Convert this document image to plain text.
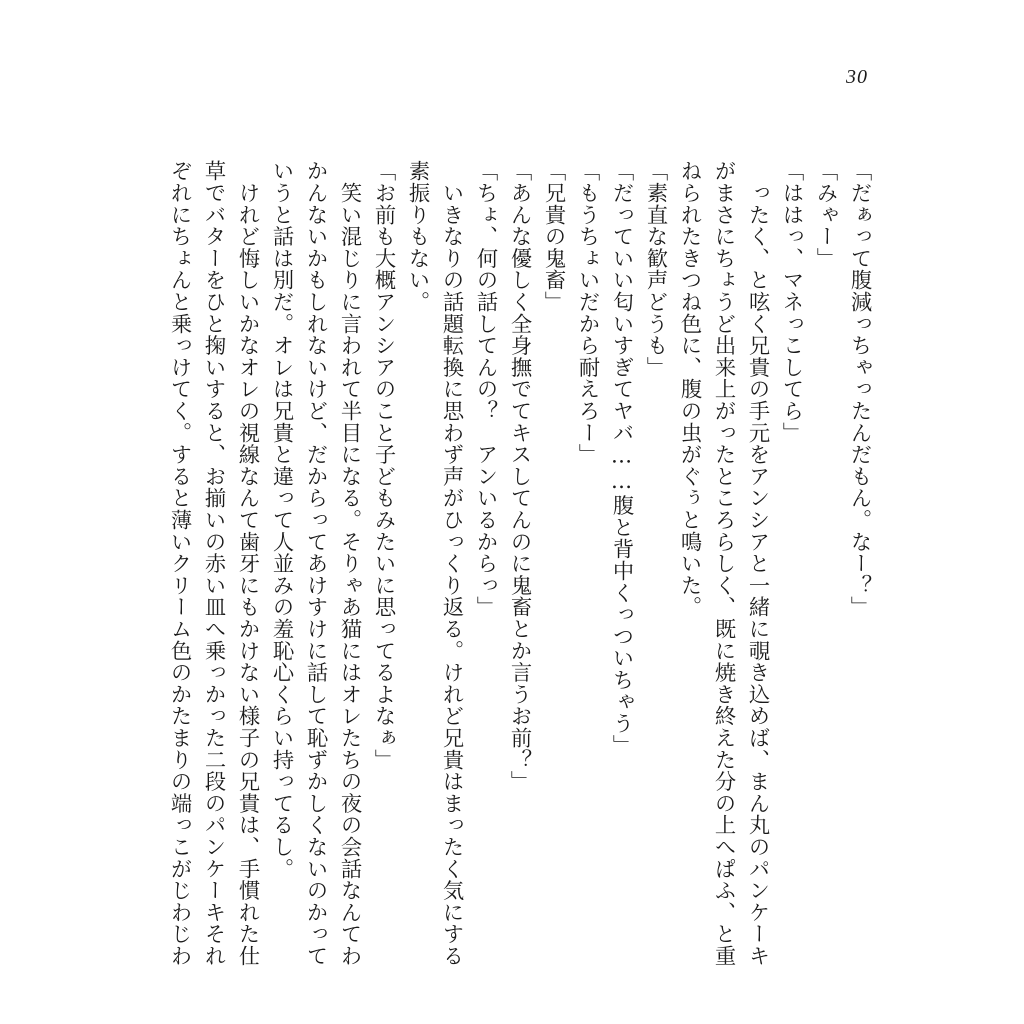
30
「だぁって腹減っちゃったんだもん。なー？」
「みゃー」
「ははっ、マネっこしてら」
　ったく、と呟く兄貴の手元をアンシアと一緒に覗き込めば、まん丸のパンケーキ
がまさにちょうど出来上がったところらしく、既に焼き終えた分の上へぱふ、と重
ねられたきつね色に、腹の虫がぐぅと鳴いた。
「素直な歓声どうも」
「だっていい匂いすぎてヤバ……腹と背中くっついちゃう」
「もうちょいだから耐えろー」
「兄貴の鬼畜」
「あんな優しく全身撫でてキスしてんのに鬼畜とか言うお前？」
「ちょ、何の話してんの？　アンいるからっ」
　いきなりの話題転換に思わず声がひっくり返る。けれど兄貴はまったく気にする
素振りもない。
「お前も大概アンシアのこと子どもみたいに思ってるよなぁ」
　笑い混じりに言われて半目になる。そりゃあ猫にはオレたちの夜の会話なんてわ
かんないかもしれないけど、だからってあけすけに話して恥ずかしくないのかって
いうと話は別だ。オレは兄貴と違って人並みの羞恥心くらい持ってるし。
　けれど悔しいかなオレの視線なんて歯牙にもかけない様子の兄貴は、手慣れた仕
草でバターをひと掬いすると、お揃いの赤い皿へ乗っかった二段のパンケーキそれ
ぞれにちょんと乗っけてく。すると薄いクリーム色のかたまりの端っこがじわじわ
